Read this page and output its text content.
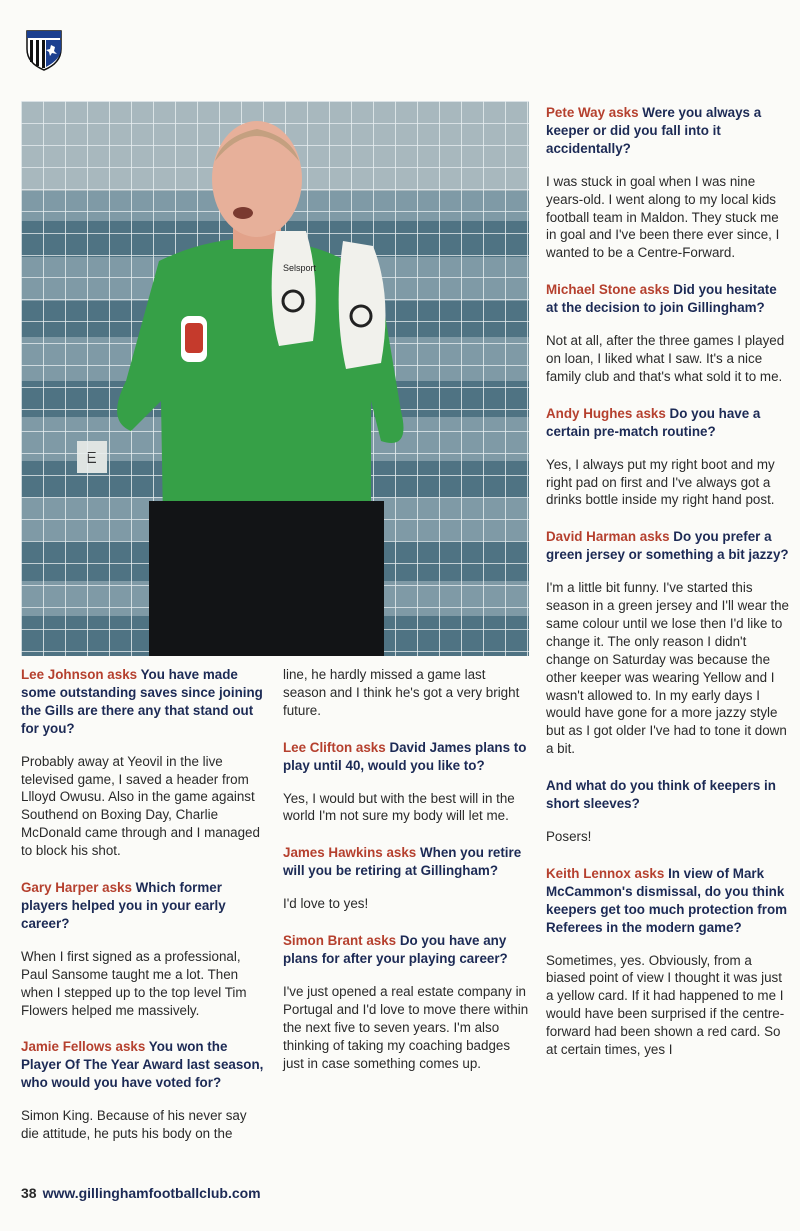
Selsport

Lee Johnson asks You have made some outstanding saves since joining the Gills are there any that stand out for you?

Probably away at Yeovil in the live televised game, I saved a header from Llloyd Owusu. Also in the game against Southend on Boxing Day, Charlie McDonald came through and I managed to block his shot.

Gary Harper asks Which former players helped you in your early career?

When I first signed as a professional, Paul Sansome taught me a lot. Then when I stepped up to the top level Tim Flowers helped me massively.

Jamie Fellows asks You won the Player Of The Year Award last season, who would you have voted for?

Simon King. Because of his never say die attitude, he puts his body on the

line, he hardly missed a game last season and I think he's got a very bright future.

Lee Clifton asks David James plans to play until 40, would you like to?

Yes, I would but with the best will in the world I'm not sure my body will let me.

James Hawkins asks When you retire will you be retiring at Gillingham?

I'd love to yes!

Simon Brant asks Do you have any plans for after your playing career?

I've just opened a real estate company in Portugal and I'd love to move there within the next five to seven years. I'm also thinking of taking my coaching badges just in case something comes up.

Pete Way asks Were you always a keeper or did you fall into it accidentally?

I was stuck in goal when I was nine years-old. I went along to my local kids football team in Maldon. They stuck me in goal and I've been there ever since, I wanted to be a Centre-Forward.

Michael Stone asks Did you hesitate at the decision to join Gillingham?

Not at all, after the three games I played on loan, I liked what I saw. It's a nice family club and that's what sold it to me.

Andy Hughes asks Do you have a certain pre-match routine?

Yes, I always put my right boot and my right pad on first and I've always got a drinks bottle inside my right hand post.

David Harman asks Do you prefer a green jersey or something a bit jazzy?

I'm a little bit funny. I've started this season in a green jersey and I'll wear the same colour until we lose then I'd like to change it. The only reason I didn't change on Saturday was because the other keeper was wearing Yellow and I wasn't allowed to. In my early days I would have gone for a more jazzy style but as I got older I've had to tone it down a bit.

And what do you think of keepers in short sleeves?

Posers!

Keith Lennox asks In view of Mark McCammon's dismissal, do you think keepers get too much protection from Referees in the modern game?

Sometimes, yes. Obviously, from a biased point of view I thought it was just a yellow card. If it had happened to me I would have been surprised if the centre-forward had been shown a red card. So at certain times, yes I

38 www.gillinghamfootballclub.com
